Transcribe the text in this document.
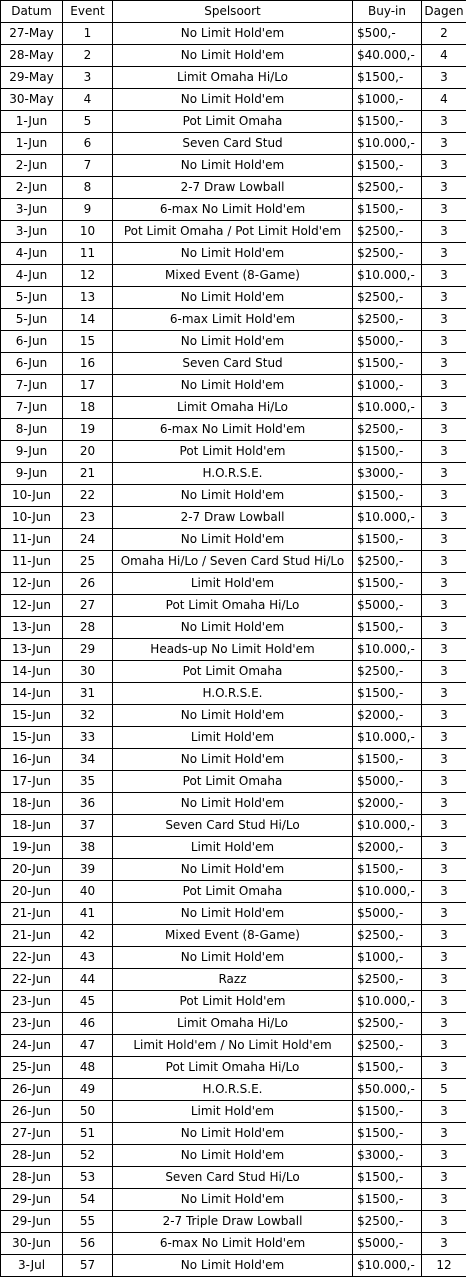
Datum	Event	Spelsoort	Buy-in	Dagen
27-May	1	No Limit Hold'em	$500,-	2
28-May	2	No Limit Hold'em	$40.000,-	4
29-May	3	Limit Omaha Hi/Lo	$1500,-	3
30-May	4	No Limit Hold'em	$1000,-	4
1-Jun	5	Pot Limit Omaha	$1500,-	3
1-Jun	6	Seven Card Stud	$10.000,-	3
2-Jun	7	No Limit Hold'em	$1500,-	3
2-Jun	8	2-7 Draw Lowball	$2500,-	3
3-Jun	9	6-max No Limit Hold'em	$1500,-	3
3-Jun	10	Pot Limit Omaha / Pot Limit Hold'em	$2500,-	3
4-Jun	11	No Limit Hold'em	$2500,-	3
4-Jun	12	Mixed Event (8-Game)	$10.000,-	3
5-Jun	13	No Limit Hold'em	$2500,-	3
5-Jun	14	6-max Limit Hold'em	$2500,-	3
6-Jun	15	No Limit Hold'em	$5000,-	3
6-Jun	16	Seven Card Stud	$1500,-	3
7-Jun	17	No Limit Hold'em	$1000,-	3
7-Jun	18	Limit Omaha Hi/Lo	$10.000,-	3
8-Jun	19	6-max No Limit Hold'em	$2500,-	3
9-Jun	20	Pot Limit Hold'em	$1500,-	3
9-Jun	21	H.O.R.S.E.	$3000,-	3
10-Jun	22	No Limit Hold'em	$1500,-	3
10-Jun	23	2-7 Draw Lowball	$10.000,-	3
11-Jun	24	No Limit Hold'em	$1500,-	3
11-Jun	25	Omaha Hi/Lo / Seven Card Stud Hi/Lo	$2500,-	3
12-Jun	26	Limit Hold'em	$1500,-	3
12-Jun	27	Pot Limit Omaha Hi/Lo	$5000,-	3
13-Jun	28	No Limit Hold'em	$1500,-	3
13-Jun	29	Heads-up No Limit Hold'em	$10.000,-	3
14-Jun	30	Pot Limit Omaha	$2500,-	3
14-Jun	31	H.O.R.S.E.	$1500,-	3
15-Jun	32	No Limit Hold'em	$2000,-	3
15-Jun	33	Limit Hold'em	$10.000,-	3
16-Jun	34	No Limit Hold'em	$1500,-	3
17-Jun	35	Pot Limit Omaha	$5000,-	3
18-Jun	36	No Limit Hold'em	$2000,-	3
18-Jun	37	Seven Card Stud Hi/Lo	$10.000,-	3
19-Jun	38	Limit Hold'em	$2000,-	3
20-Jun	39	No Limit Hold'em	$1500,-	3
20-Jun	40	Pot Limit Omaha	$10.000,-	3
21-Jun	41	No Limit Hold'em	$5000,-	3
21-Jun	42	Mixed Event (8-Game)	$2500,-	3
22-Jun	43	No Limit Hold'em	$1000,-	3
22-Jun	44	Razz	$2500,-	3
23-Jun	45	Pot Limit Hold'em	$10.000,-	3
23-Jun	46	Limit Omaha Hi/Lo	$2500,-	3
24-Jun	47	Limit Hold'em / No Limit Hold'em	$2500,-	3
25-Jun	48	Pot Limit Omaha Hi/Lo	$1500,-	3
26-Jun	49	H.O.R.S.E.	$50.000,-	5
26-Jun	50	Limit Hold'em	$1500,-	3
27-Jun	51	No Limit Hold'em	$1500,-	3
28-Jun	52	No Limit Hold'em	$3000,-	3
28-Jun	53	Seven Card Stud Hi/Lo	$1500,-	3
29-Jun	54	No Limit Hold'em	$1500,-	3
29-Jun	55	2-7 Triple Draw Lowball	$2500,-	3
30-Jun	56	6-max No Limit Hold'em	$5000,-	3
3-Jul	57	No Limit Hold'em	$10.000,-	12
